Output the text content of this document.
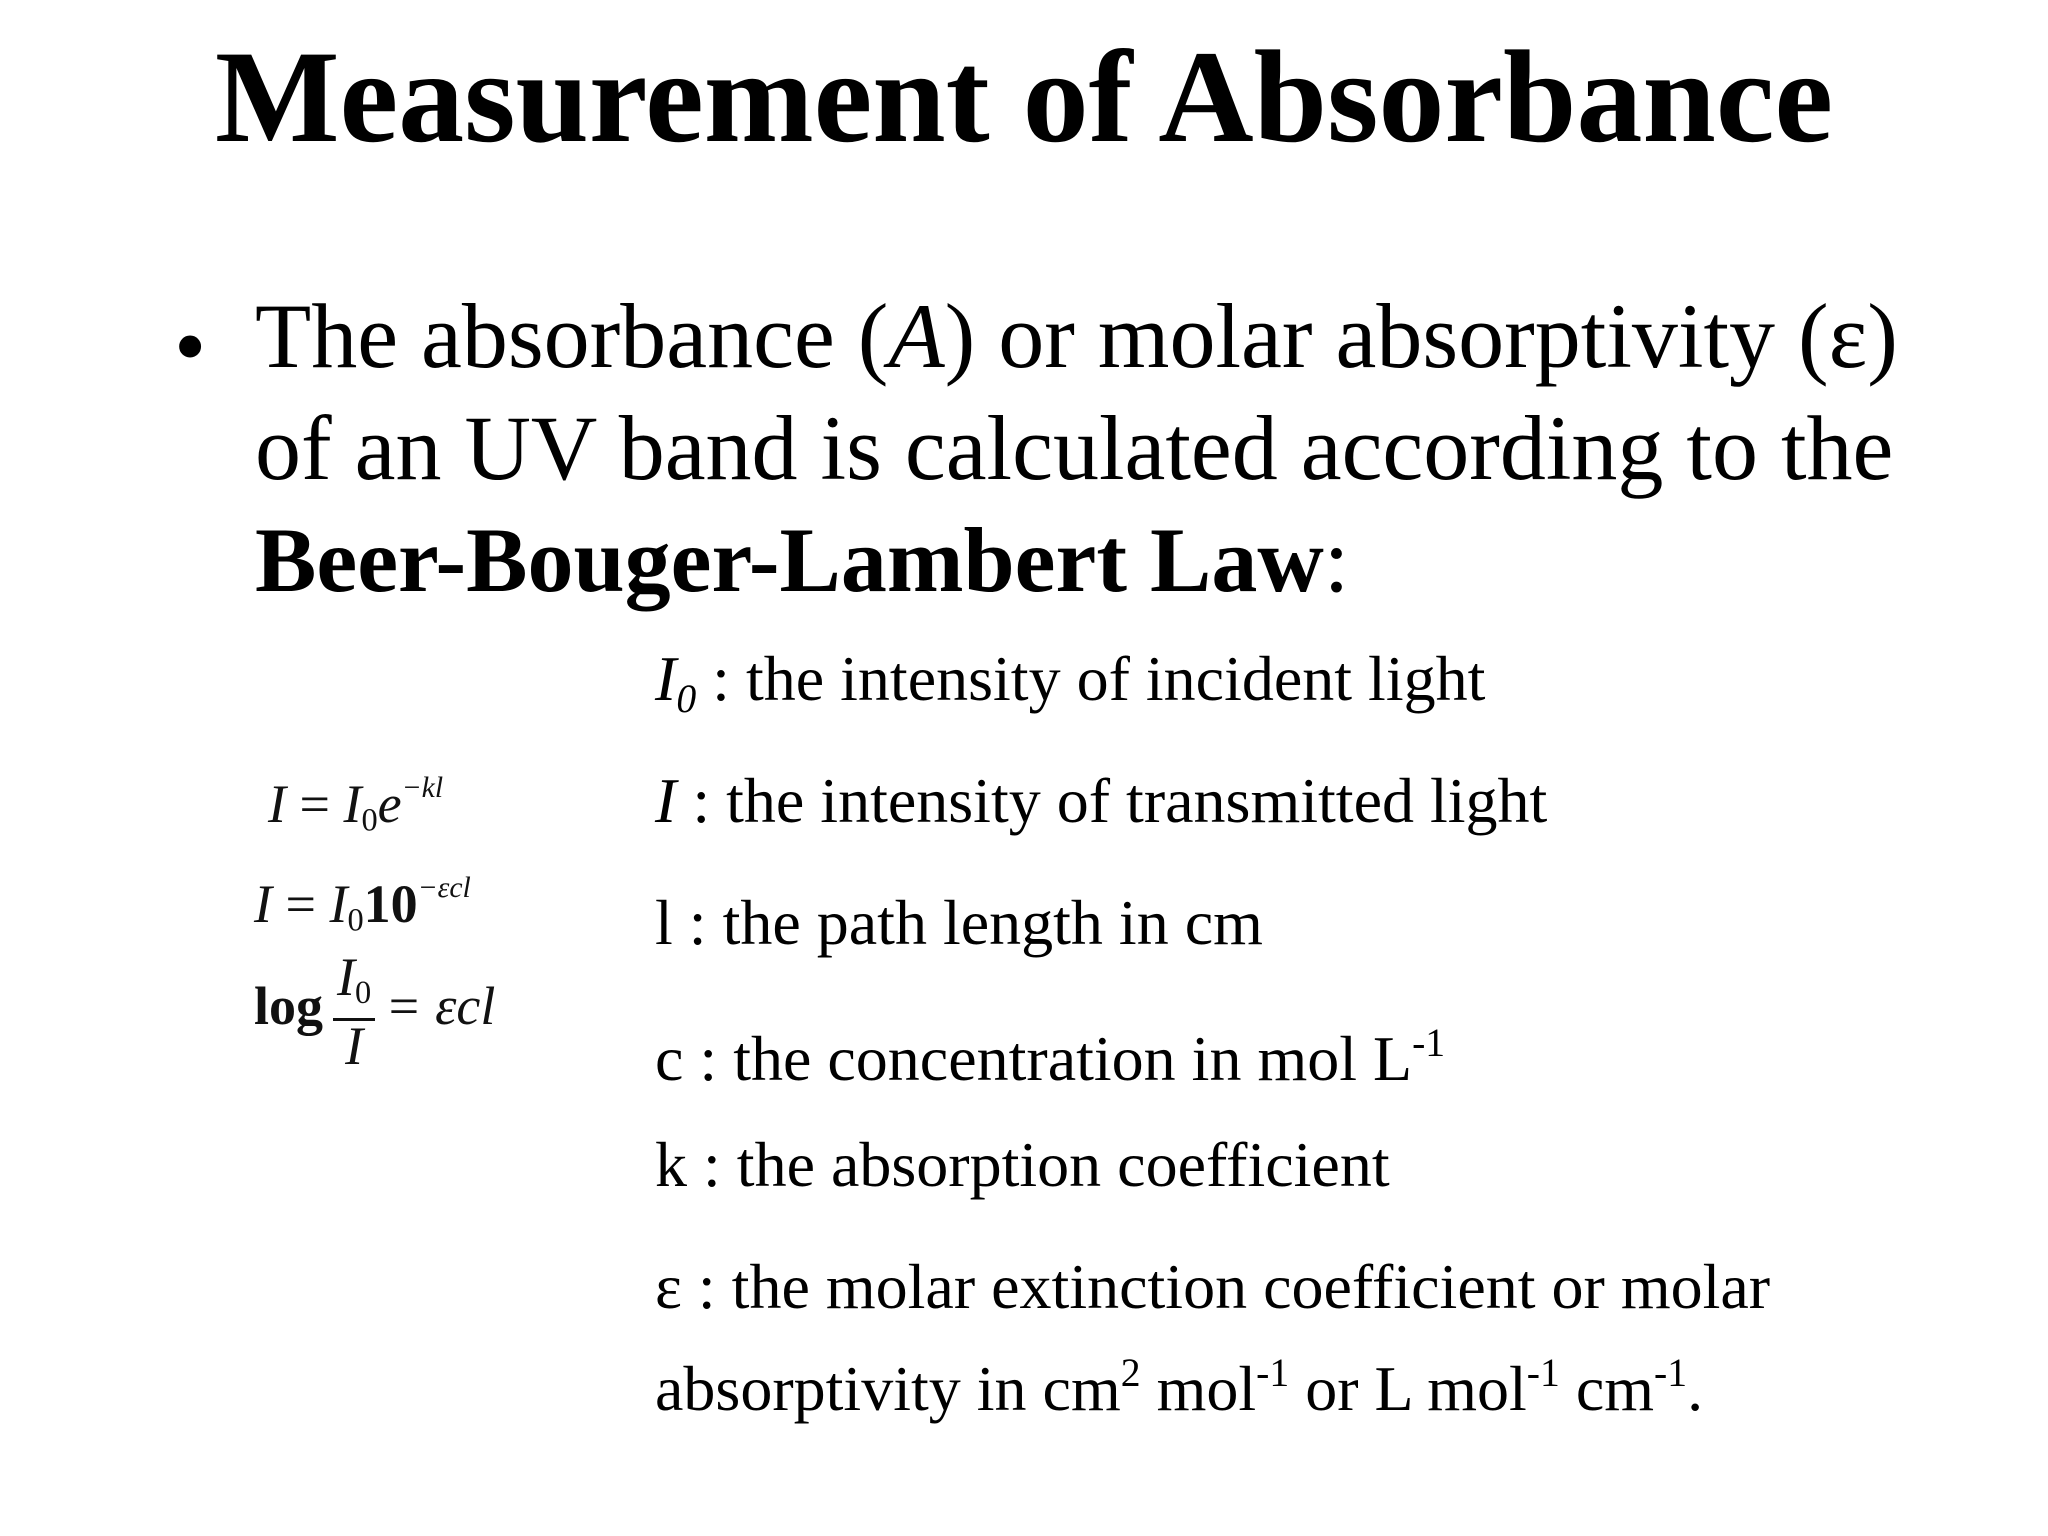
Measurement of Absorbance
• The absorbance (A) or molar absorptivity (ε)
of an UV band is calculated according to the
Beer-Bouger-Lambert Law:
$I = I_0e^{-kl}$
$I = I_010^{-\varepsilon cl}$
$\log \frac{I_0}{I} = \varepsilon cl$
$I_0$ : the intensity of incident light
I : the intensity of transmitted light
l : the path length in cm
c : the concentration in mol $L^{-1}$
k : the absorption coefficient
ε : the molar extinction coefficient or molar
absorptivity in $cm^2$ mol$^{-1}$ or L mol$^{-1}$ $cm^{-1}$.
